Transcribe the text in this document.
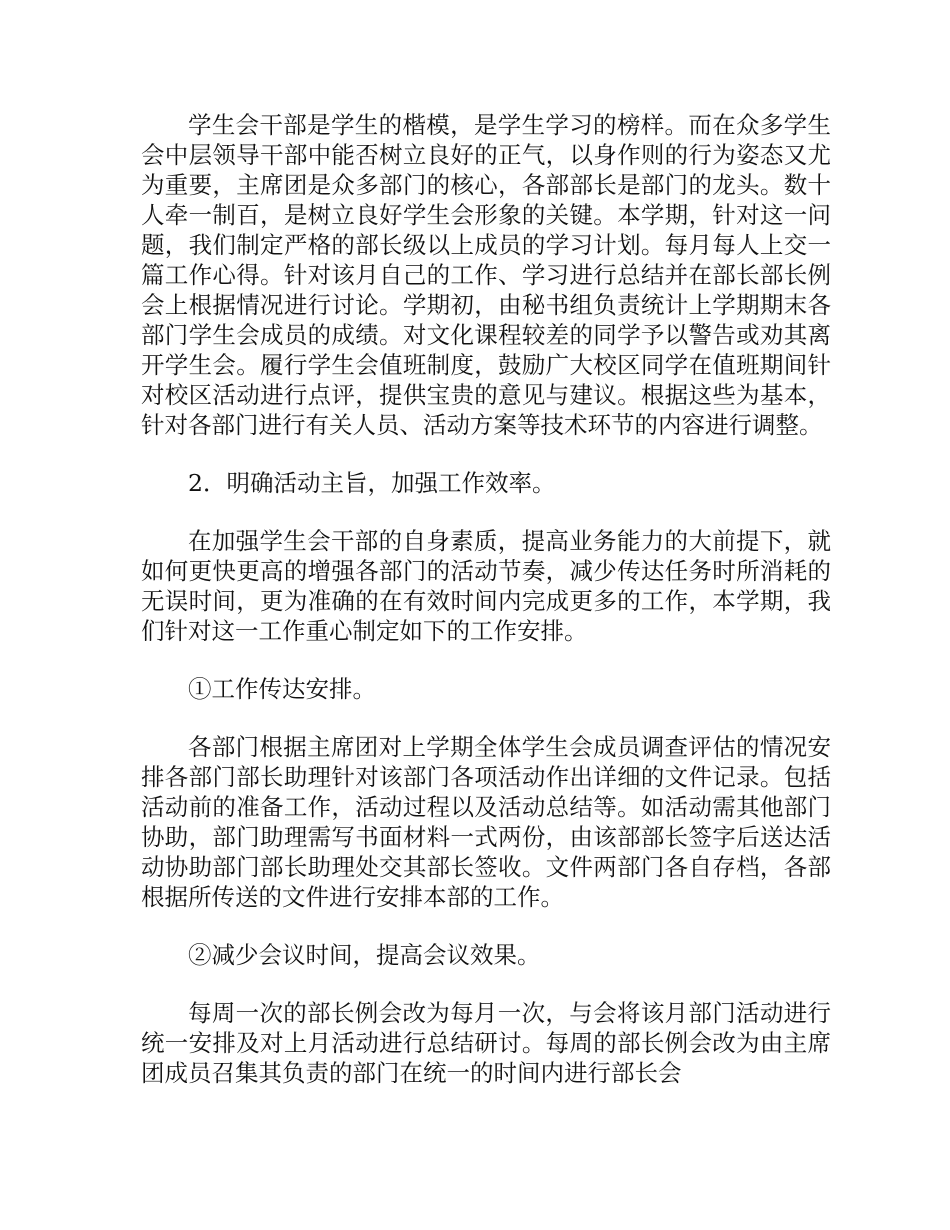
学生会干部是学生的楷模，是学生学习的榜样。而在众多学生会中层领导干部中能否树立良好的正气，以身作则的行为姿态又尤为重要，主席团是众多部门的核心，各部部长是部门的龙头。数十人牵一制百，是树立良好学生会形象的关键。本学期，针对这一问题，我们制定严格的部长级以上成员的学习计划。每月每人上交一篇工作心得。针对该月自己的工作、学习进行总结并在部长部长例会上根据情况进行讨论。学期初，由秘书组负责统计上学期期末各部门学生会成员的成绩。对文化课程较差的同学予以警告或劝其离开学生会。履行学生会值班制度，鼓励广大校区同学在值班期间针对校区活动进行点评，提供宝贵的意见与建议。根据这些为基本，针对各部门进行有关人员、活动方案等技术环节的内容进行调整。

2．明确活动主旨，加强工作效率。

在加强学生会干部的自身素质，提高业务能力的大前提下，就如何更快更高的增强各部门的活动节奏，减少传达任务时所消耗的无误时间，更为准确的在有效时间内完成更多的工作，本学期，我们针对这一工作重心制定如下的工作安排。

①工作传达安排。

各部门根据主席团对上学期全体学生会成员调查评估的情况安排各部门部长助理针对该部门各项活动作出详细的文件记录。包括活动前的准备工作，活动过程以及活动总结等。如活动需其他部门协助，部门助理需写书面材料一式两份，由该部部长签字后送达活动协助部门部长助理处交其部长签收。文件两部门各自存档，各部根据所传送的文件进行安排本部的工作。

②减少会议时间，提高会议效果。

每周一次的部长例会改为每月一次，与会将该月部门活动进行统一安排及对上月活动进行总结研讨。每周的部长例会改为由主席团成员召集其负责的部门在统一的时间内进行部长会
